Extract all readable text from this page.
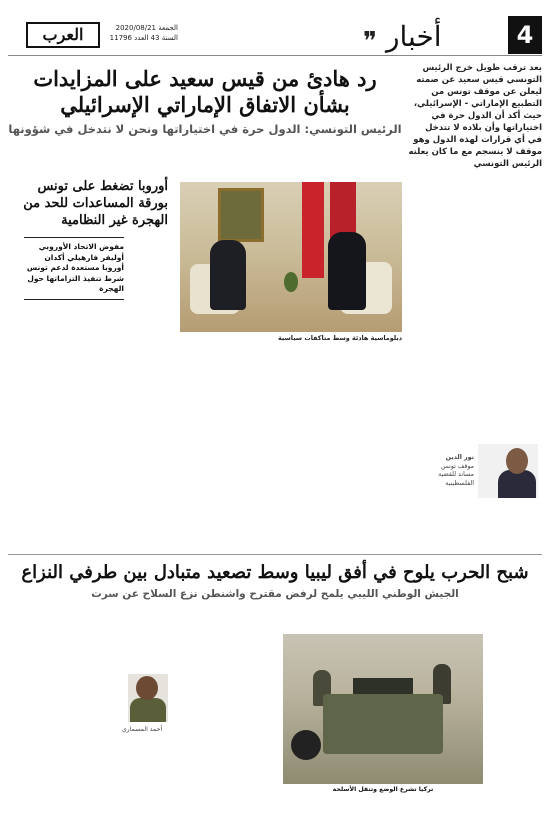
العرب	الجمعة 2020/08/21
السنة 43 العدد 11796	❞ أخبار	4
رد هادئ من قيس سعيد على المزايدات
بشأن الاتفاق الإماراتي الإسرائيلي
الرئيس التونسي: الدول حرة في اختياراتها ونحن لا نتدخل في شؤونها
بعد ترقب طويل خرج الرئيس التونسي قيس سعيد عن صمته ليعلن عن موقف تونس من التطبيع الإماراتي - الإسرائيلي، حيث أكد أن الدول حرة في اختياراتها وأن بلاده لا تتدخل في أي قرارات لهذه الدول وهو موقف لا ينسجم مع ما كان يعلنه الرئيس التونسي
دبلوماسية هادئة وسط مناكفات سياسية
أوروبا تضغط على تونس بورقة المساعدات للحد من الهجرة غير النظامية
مفوض الاتحاد الأوروبي أوليفر فارهيلي أكدان أوروبا مستعدة لدعم تونس شرط تنفيذ التزاماتها حول الهجرة
نور الدين
موقف تونس مساند للقضية الفلسطينية
شبح الحرب يلوح في أفق ليبيا وسط تصعيد متبادل بين طرفي النزاع
الجيش الوطني الليبي يلمح لرفض مقترح واشنطن نزع السلاح عن سرت
تركيا تشرع الوضع وتنقل الأسلحة
أحمد المسماري
